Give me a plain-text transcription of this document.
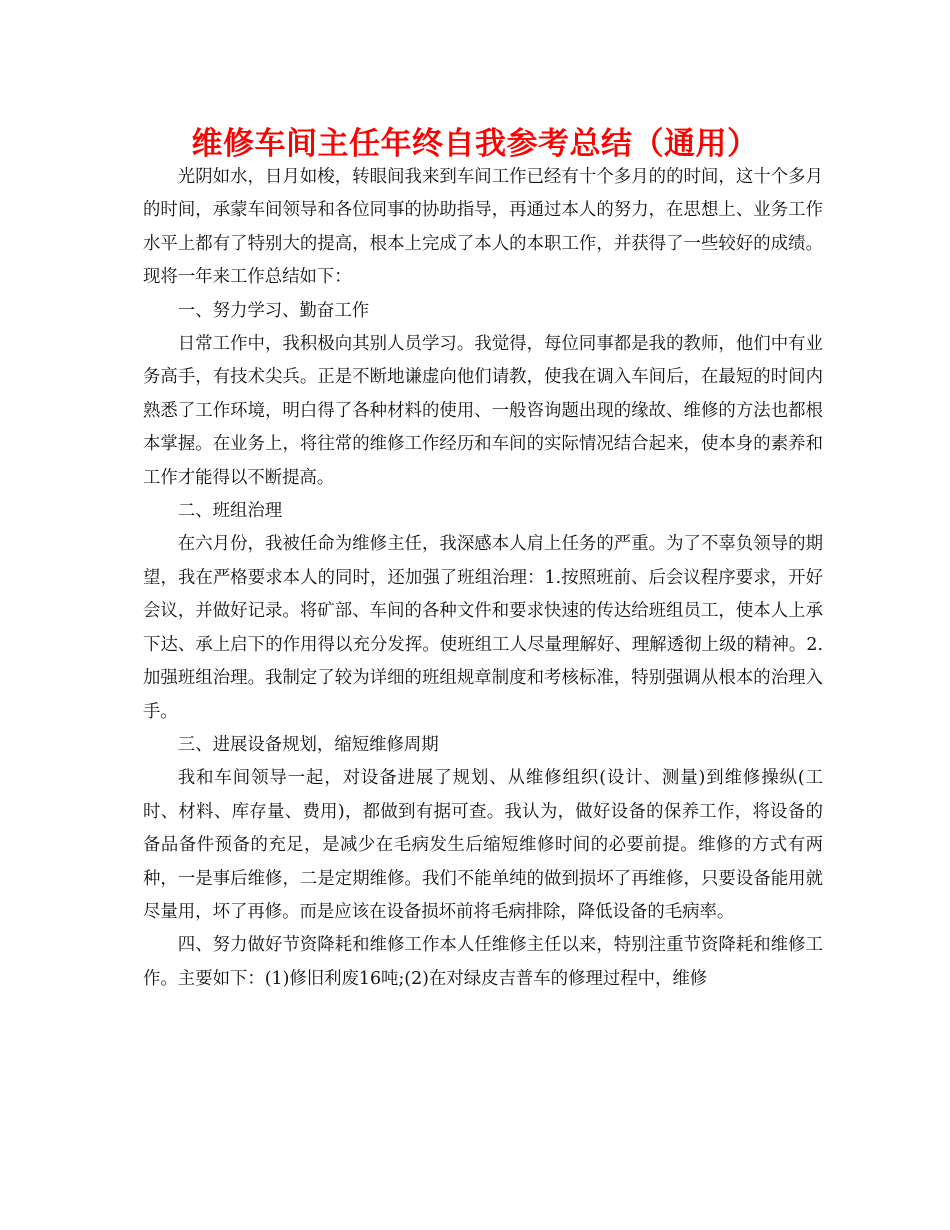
维修车间主任年终自我参考总结（通用）

光阴如水，日月如梭，转眼间我来到车间工作已经有十个多月的的时间，这十个多月的时间，承蒙车间领导和各位同事的协助指导，再通过本人的努力，在思想上、业务工作水平上都有了特别大的提高，根本上完成了本人的本职工作，并获得了一些较好的成绩。现将一年来工作总结如下：

一、努力学习、勤奋工作

日常工作中，我积极向其别人员学习。我觉得，每位同事都是我的教师，他们中有业务高手，有技术尖兵。正是不断地谦虚向他们请教，使我在调入车间后，在最短的时间内熟悉了工作环境，明白得了各种材料的使用、一般咨询题出现的缘故、维修的方法也都根本掌握。在业务上，将往常的维修工作经历和车间的实际情况结合起来，使本身的素养和工作才能得以不断提高。

二、班组治理

在六月份，我被任命为维修主任，我深感本人肩上任务的严重。为了不辜负领导的期望，我在严格要求本人的同时，还加强了班组治理：1.按照班前、后会议程序要求，开好会议，并做好记录。将矿部、车间的各种文件和要求快速的传达给班组员工，使本人上承下达、承上启下的作用得以充分发挥。使班组工人尽量理解好、理解透彻上级的精神。2.加强班组治理。我制定了较为详细的班组规章制度和考核标准，特别强调从根本的治理入手。

三、进展设备规划，缩短维修周期

我和车间领导一起，对设备进展了规划、从维修组织(设计、测量)到维修操纵(工时、材料、库存量、费用)，都做到有据可查。我认为，做好设备的保养工作，将设备的备品备件预备的充足，是减少在毛病发生后缩短维修时间的必要前提。维修的方式有两种，一是事后维修，二是定期维修。我们不能单纯的做到损坏了再维修，只要设备能用就尽量用，坏了再修。而是应该在设备损坏前将毛病排除，降低设备的毛病率。

四、努力做好节资降耗和维修工作本人任维修主任以来，特别注重节资降耗和维修工作。主要如下：(1)修旧利废16吨;(2)在对绿皮吉普车的修理过程中，维修
